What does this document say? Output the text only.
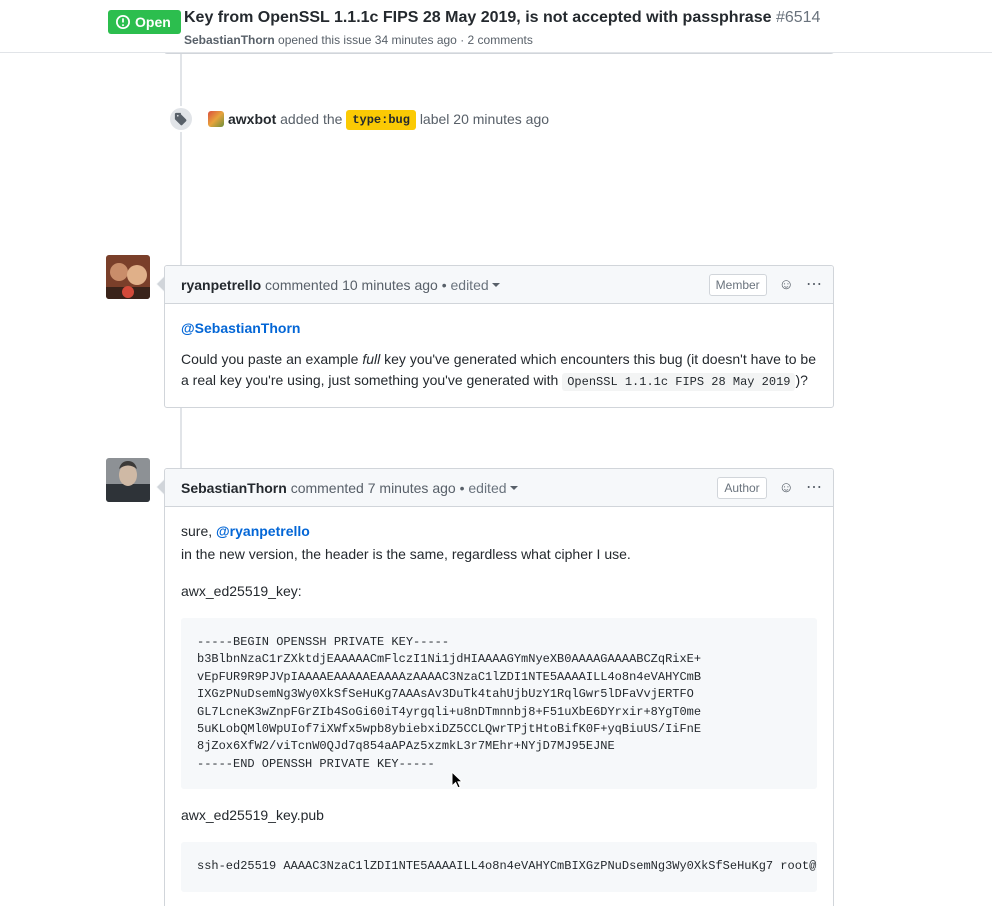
Open Key from OpenSSL 1.1.1c FIPS 28 May 2019, is not accepted with passphrase #6514
SebastianThorn opened this issue 34 minutes ago · 2 comments
awxbot added the type:bug label 20 minutes ago
ryanpetrello
commented
10 minutes ago
•
edited	Member	☺ ⋯

@SebastianThorn

Could you paste an example full key you've generated which encounters this bug (it doesn't have to be a real key you're using, just something you've generated with OpenSSL 1.1.1c FIPS 28 May 2019 )?

SebastianThorn
commented
7 minutes ago
•
edited	Author	☺ ⋯

sure, @ryanpetrello

in the new version, the header is the same, regardless what cipher I use.

awx_ed25519_key:

-----BEGIN OPENSSH PRIVATE KEY-----
b3BlbnNzaC1rZXktdjEAAAAACmFlczI1Ni1jdHIAAAAGYmNyeXB0AAAAGAAAABCZqRixE+
vEpFUR9R9PJVpIAAAAEAAAAAEAAAAzAAAAC3NzaC1lZDI1NTE5AAAAILL4o8n4eVAHYCmB
IXGzPNuDsemNg3Wy0XkSfSeHuKg7AAAsAv3DuTk4tahUjbUzY1RqlGwr5lDFaVvjERTFO
GL7LcneK3wZnpFGrZIb4SoGi60iT4yrgqli+u8nDTmnnbj8+F51uXbE6DYrxir+8YgT0me
5uKLobQMl0WpUIof7iXWfx5wpb8ybiebxiDZ5CCLQwrTPjtHtoBifK0F+yqBiuUS/IiFnE
8jZox6XfW2/viTcnW0QJd7q854aAPAz5xzmkL3r7MEhr+NYjD7MJ95EJNE
-----END OPENSSH PRIVATE KEY-----

awx_ed25519_key.pub

ssh-ed25519 AAAAC3NzaC1lZDI1NTE5AAAAILL4o8n4eVAHYCmBIXGzPNuDsemNg3Wy0XkSfSeHuKg7 root@
